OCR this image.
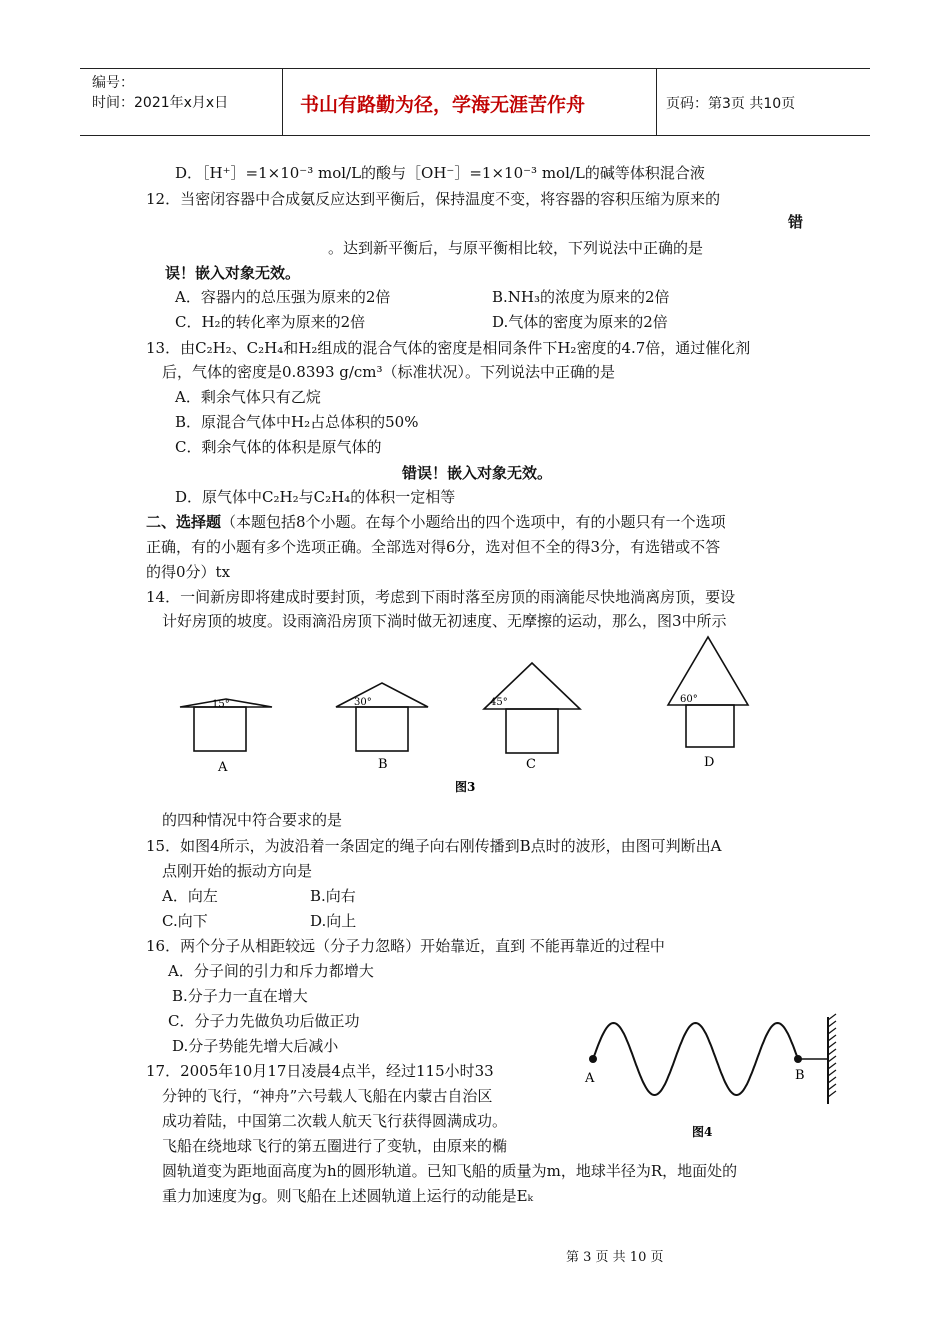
编号：
时间：2021年x月x日	书山有路勤为径，学海无涯苦作舟	页码：第3页 共10页
D．［H⁺］=1×10⁻³ mol/L的酸与［OH⁻］=1×10⁻³ mol/L的碱等体积混合液
12．当密闭容器中合成氨反应达到平衡后，保持温度不变，将容器的容积压缩为原来的
错
。达到新平衡后，与原平衡相比较，下列说法中正确的是
误！嵌入对象无效。
A．容器内的总压强为原来的2倍	B.NH₃的浓度为原来的2倍
C．H₂的转化率为原来的2倍	D.气体的密度为原来的2倍
13．由C₂H₂、C₂H₄和H₂组成的混合气体的密度是相同条件下H₂密度的4.7倍，通过催化剂
后，气体的密度是0.8393 g/cm³（标准状况）。下列说法中正确的是
A．剩余气体只有乙烷
B．原混合气体中H₂占总体积的50%
C．剩余气体的体积是原气体的
错误！嵌入对象无效。
D．原气体中C₂H₂与C₂H₄的体积一定相等
二、选择题（本题包括8个小题。在每个小题给出的四个选项中，有的小题只有一个选项
正确，有的小题有多个选项正确。全部选对得6分，选对但不全的得3分，有选错或不答
的得0分）tx
14．一间新房即将建成时要封顶，考虑到下雨时落至房顶的雨滴能尽快地淌离房顶，要设
计好房顶的坡度。设雨滴沿房顶下淌时做无初速度、无摩擦的运动，那么，图3中所示
15°	30°	45°	60°
A	B	C	D
图3
的四种情况中符合要求的是
15．如图4所示，为波沿着一条固定的绳子向右刚传播到B点时的波形，由图可判断出A
点刚开始的振动方向是
A．向左	B.向右
C.向下	D.向上
16．两个分子从相距较远（分子力忽略）开始靠近，直到 不能再靠近的过程中
A．分子间的引力和斥力都增大
B.分子力一直在增大
C．分子力先做负功后做正功
D.分子势能先增大后减小
A	B
图4
17．2005年10月17日凌晨4点半，经过115小时33
分钟的飞行，“神舟”六号载人飞船在内蒙古自治区
成功着陆，中国第二次载人航天飞行获得圆满成功。
飞船在绕地球飞行的第五圈进行了变轨，由原来的椭
圆轨道变为距地面高度为h的圆形轨道。已知飞船的质量为m，地球半径为R，地面处的
重力加速度为g。则飞船在上述圆轨道上运行的动能是Eₖ
第 3 页 共 10 页
